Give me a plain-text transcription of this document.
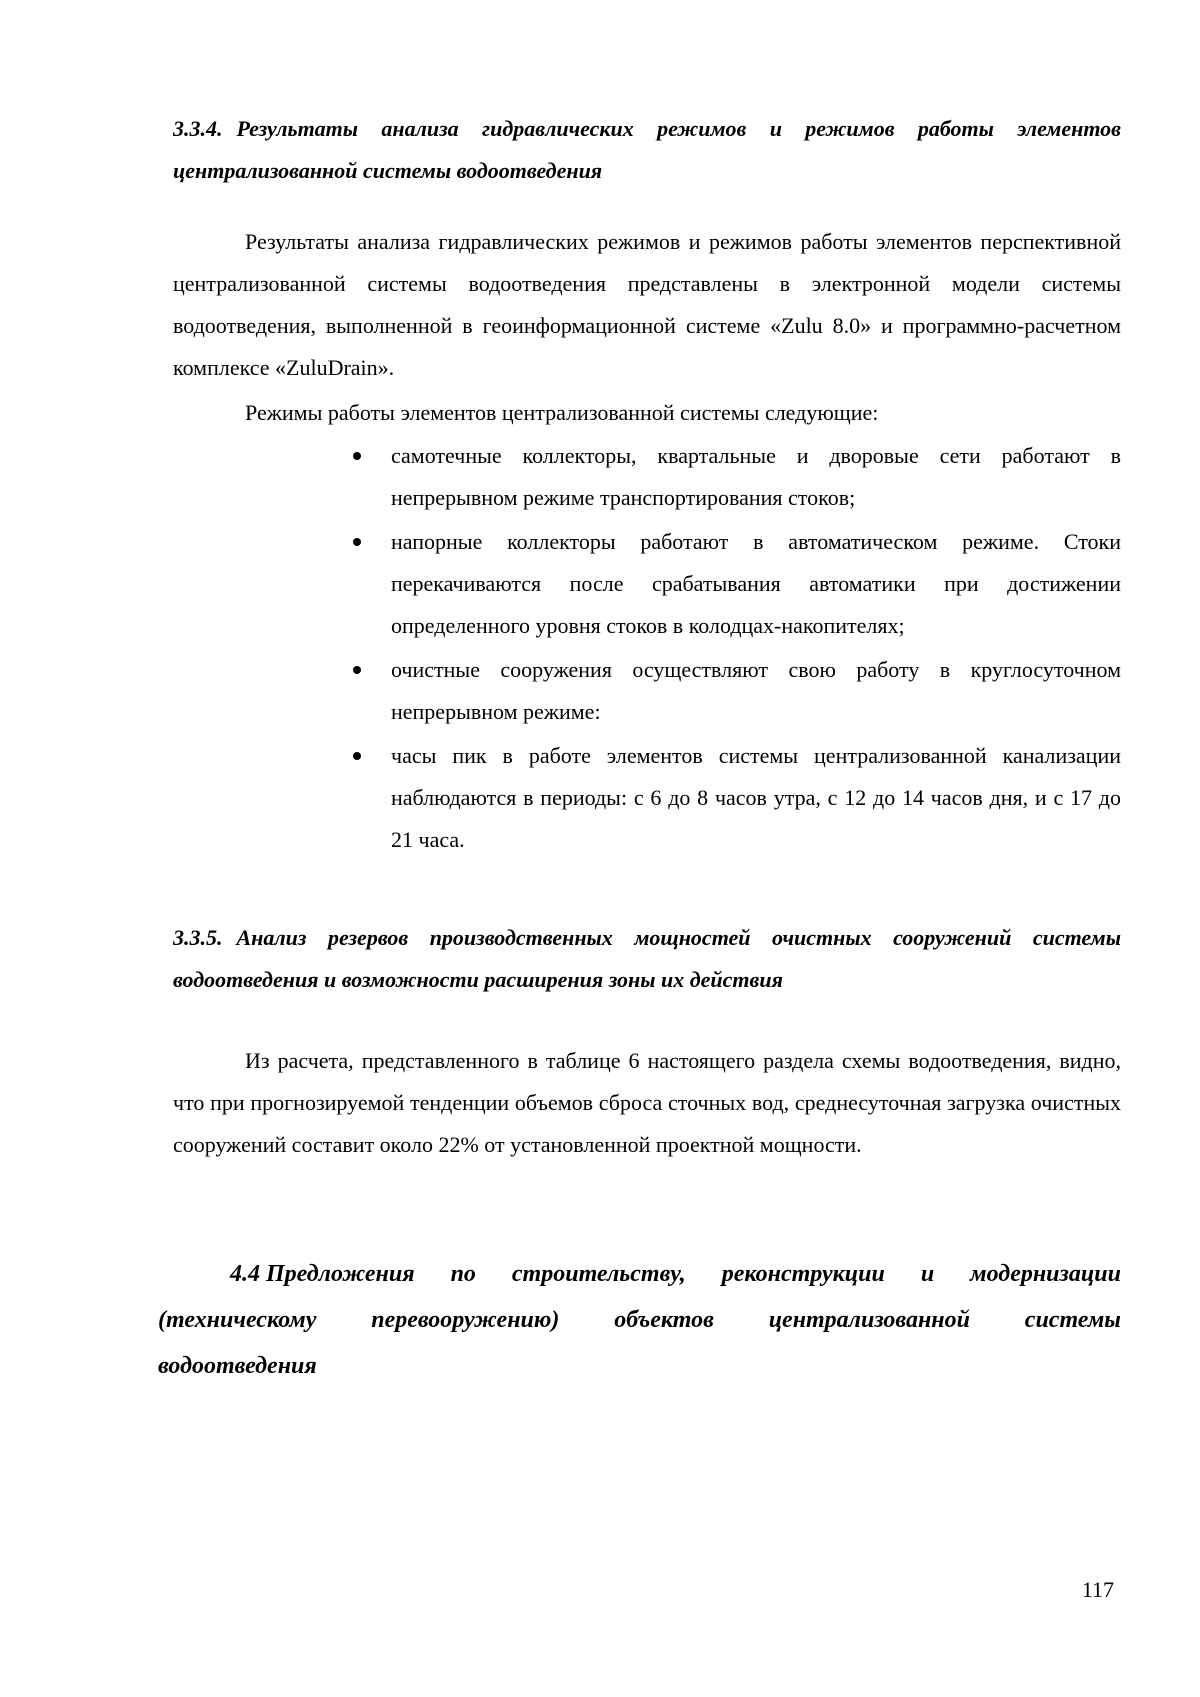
3.3.4. Результаты анализа гидравлических режимов и режимов работы элементов централизованной системы водоотведения

Результаты анализа гидравлических режимов и режимов работы элементов перспективной централизованной системы водоотведения представлены в электронной модели системы водоотведения, выполненной в геоинформационной системе «Zulu 8.0» и программно-расчетном комплексе «ZuluDrain».

Режимы работы элементов централизованной системы следующие:

самотечные коллекторы, квартальные и дворовые сети работают в непрерывном режиме транспортирования стоков;
напорные коллекторы работают в автоматическом режиме. Стоки перекачиваются после срабатывания автоматики при достижении определенного уровня стоков в колодцах-накопителях;
очистные сооружения осуществляют свою работу в круглосуточном непрерывном режиме:
часы пик в работе элементов системы централизованной канализации наблюдаются в периоды: с 6 до 8 часов утра, с 12 до 14 часов дня, и с 17 до 21 часа.
3.3.5. Анализ резервов производственных мощностей очистных сооружений системы водоотведения и возможности расширения зоны их действия

Из расчета, представленного в таблице 6 настоящего раздела схемы водоотведения, видно, что при прогнозируемой тенденции объемов сброса сточных вод, среднесуточная загрузка очистных сооружений составит около 22% от установленной проектной мощности.

4.4 Предложения по строительству, реконструкции и модернизации
(техническому перевооружению) объектов централизованной системы
водоотведения
117
